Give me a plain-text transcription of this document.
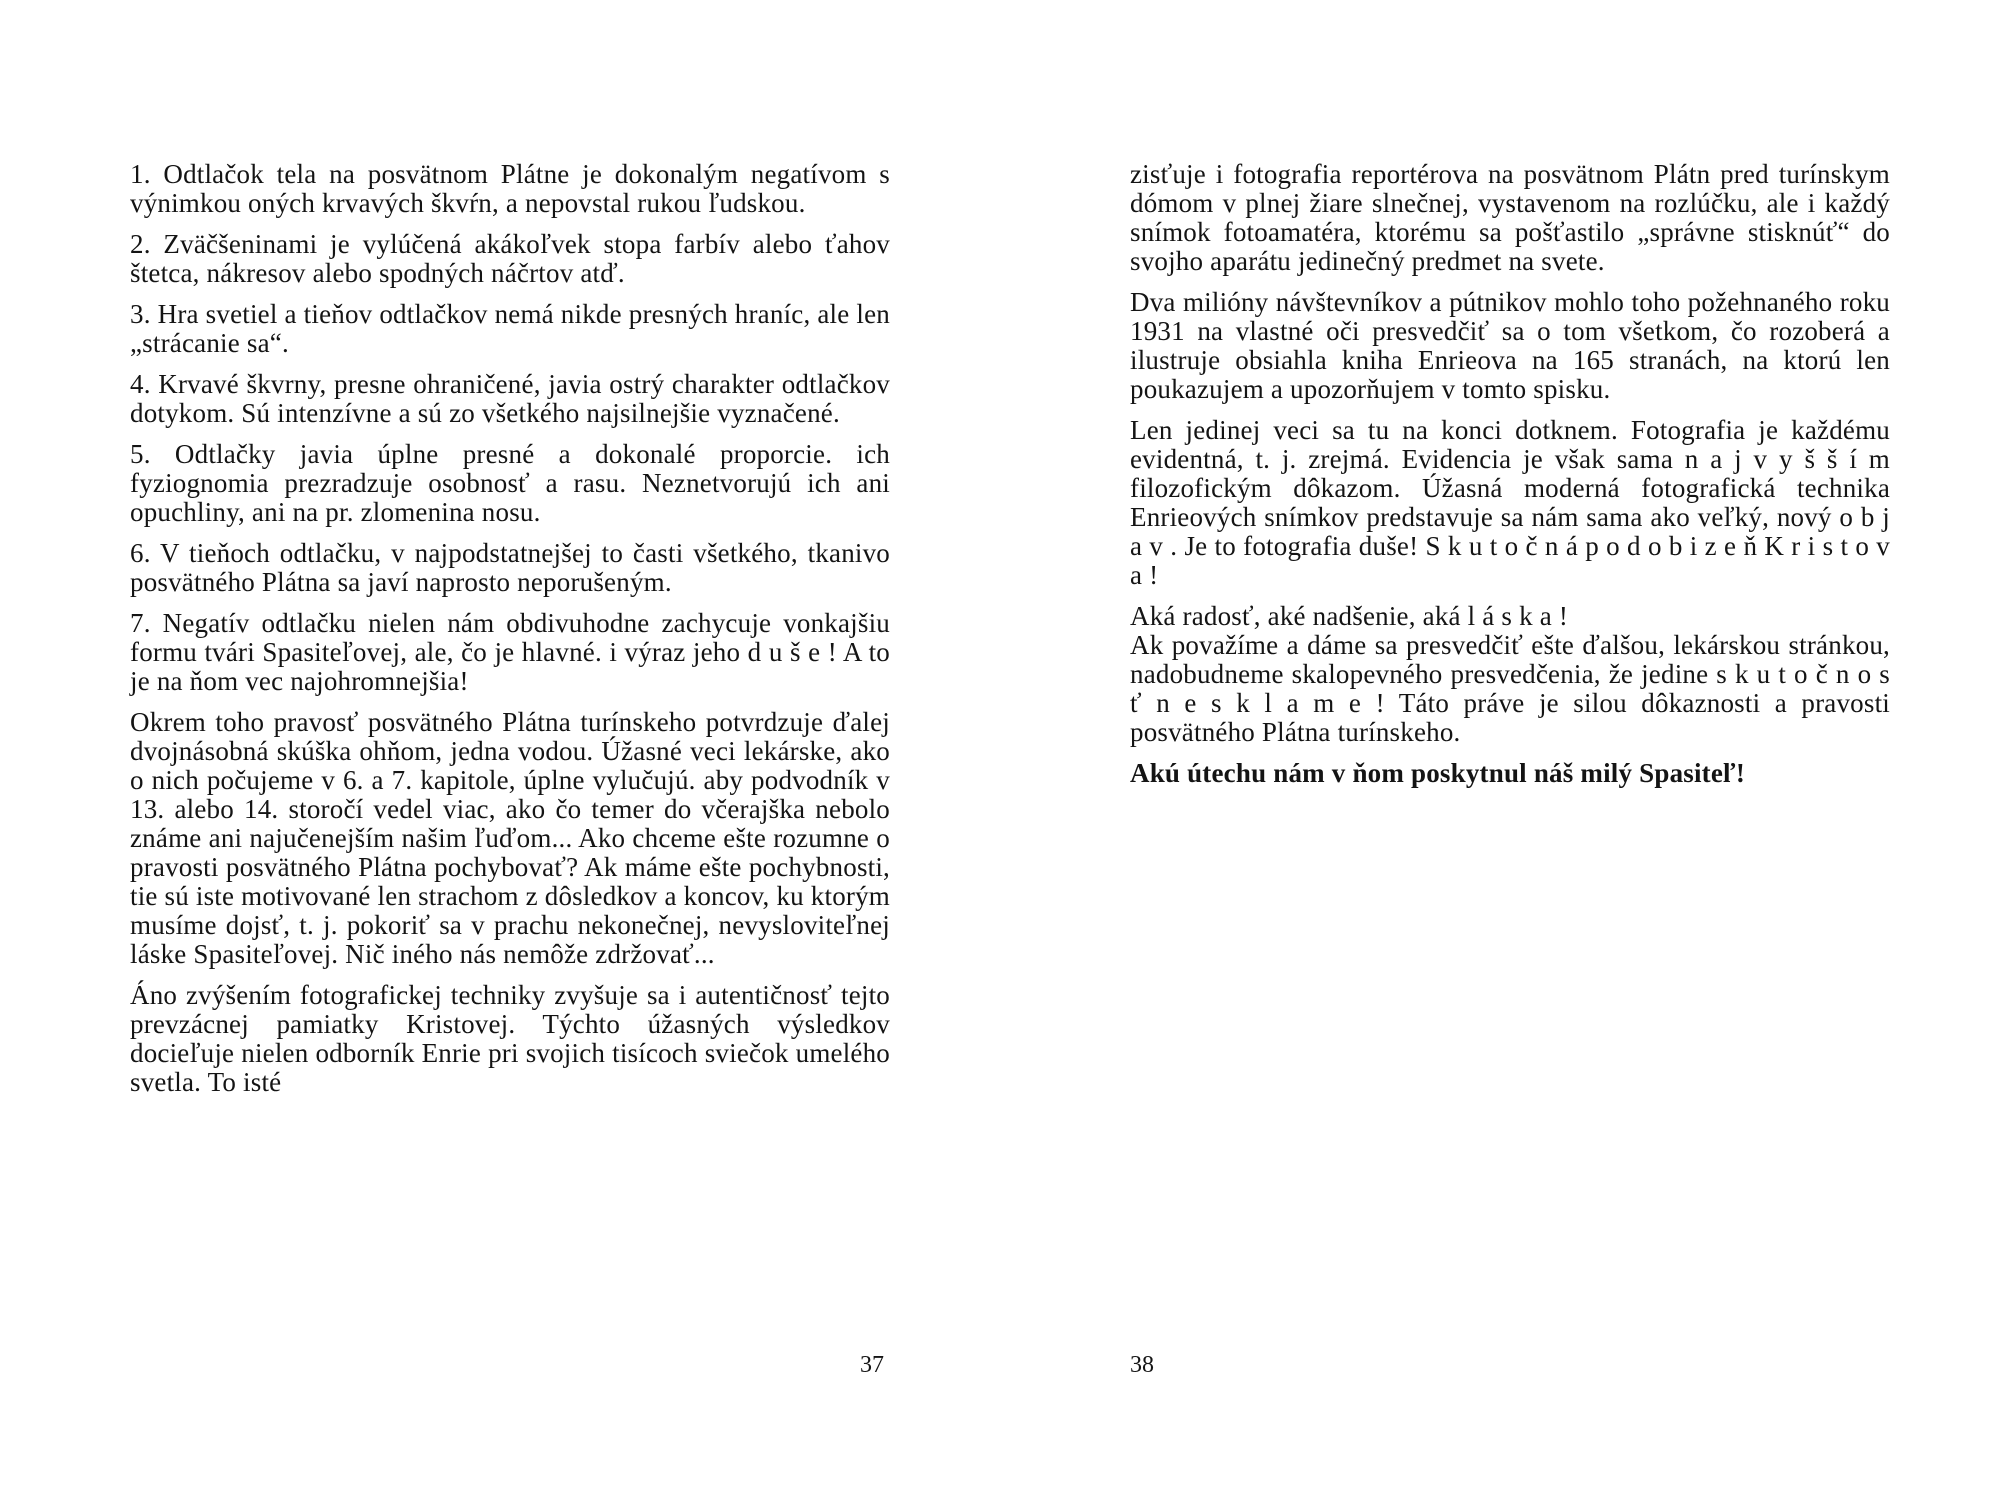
1. Odtlačok tela na posvätnom Plátne je dokonalým negatívom s výnimkou oných krvavých škvŕn, a nepovstal rukou ľudskou.

2. Zväčšeninami je vylúčená akákoľvek stopa farbív alebo ťahov štetca, nákresov alebo spodných náčrtov atď.

3. Hra svetiel a tieňov odtlačkov nemá nikde presných hraníc, ale len „strácanie sa“.

4. Krvavé škvrny, presne ohraničené, javia ostrý charakter odtlačkov dotykom. Sú intenzívne a sú zo všetkého najsilnejšie vyznačené.

5. Odtlačky javia úplne presné a dokonalé proporcie. ich fyziognomia prezradzuje osobnosť a rasu. Neznetvorujú ich ani opuchliny, ani na pr. zlomenina nosu.

6. V tieňoch odtlačku, v najpodstatnejšej to časti všetkého, tkanivo posvätného Plátna sa javí naprosto neporušeným.

7. Negatív odtlačku nielen nám obdivuhodne zachycuje vonkajšiu formu tvári Spasiteľovej, ale, čo je hlavné. i výraz jeho d u š e ! A to je na ňom vec najohromnejšia!

Okrem toho pravosť posvätného Plátna turínskeho potvrdzuje ďalej dvojnásobná skúška ohňom, jedna vodou. Úžasné veci lekárske, ako o nich počujeme v 6. a 7. kapitole, úplne vylučujú. aby podvodník v 13. alebo 14. storočí vedel viac, ako čo temer do včerajška nebolo známe ani najučenejším našim ľuďom... Ako chceme ešte rozumne o pravosti posvätného Plátna pochybovať? Ak máme ešte pochybnosti, tie sú iste motivované len strachom z dôsledkov a koncov, ku ktorým musíme dojsť, t. j. pokoriť sa v prachu nekonečnej, nevysloviteľnej láske Spasiteľovej. Nič iného nás nemôže zdržovať...

Áno zvýšením fotografickej techniky zvyšuje sa i autentičnosť tejto prevzácnej pamiatky Kristovej. Týchto úžasných výsledkov docieľuje nielen odborník Enrie pri svojich tisícoch sviečok umelého svetla. To isté

37

zisťuje i fotografia reportérova na posvätnom Plátn pred turínskym dómom v plnej žiare slnečnej, vystavenom na rozlúčku, ale i každý snímok fotoamatéra, ktorému sa pošťastilo „správne stisknúť“ do svojho aparátu jedinečný predmet na svete.

Dva milióny návštevníkov a pútnikov mohlo toho požehnaného roku 1931 na vlastné oči presvedčiť sa o tom všetkom, čo rozoberá a ilustruje obsiahla kniha Enrieova na 165 stranách, na ktorú len poukazujem a upozorňujem v tomto spisku.

Len jedinej veci sa tu na konci dotknem. Fotografia je každému evidentná, t. j. zrejmá. Evidencia je však sama n a j v y š š í m filozofickým dôkazom. Úžasná moderná fotografická technika Enrieových snímkov predstavuje sa nám sama ako veľký, nový o b j a v . Je to fotografia duše! S k u t o č n á p o d o b i z e ň K r i s t o v a !

Aká radosť, aké nadšenie, aká l á s k a !
Ak považíme a dáme sa presvedčiť ešte ďalšou, lekárskou stránkou, nadobudneme skalopevného presvedčenia, že jedine s k u t o č n o s ť n e s k l a m e ! Táto práve je silou dôkaznosti a pravosti posvätného Plátna turínskeho.

Akú útechu nám v ňom poskytnul náš milý Spasiteľ!

38
